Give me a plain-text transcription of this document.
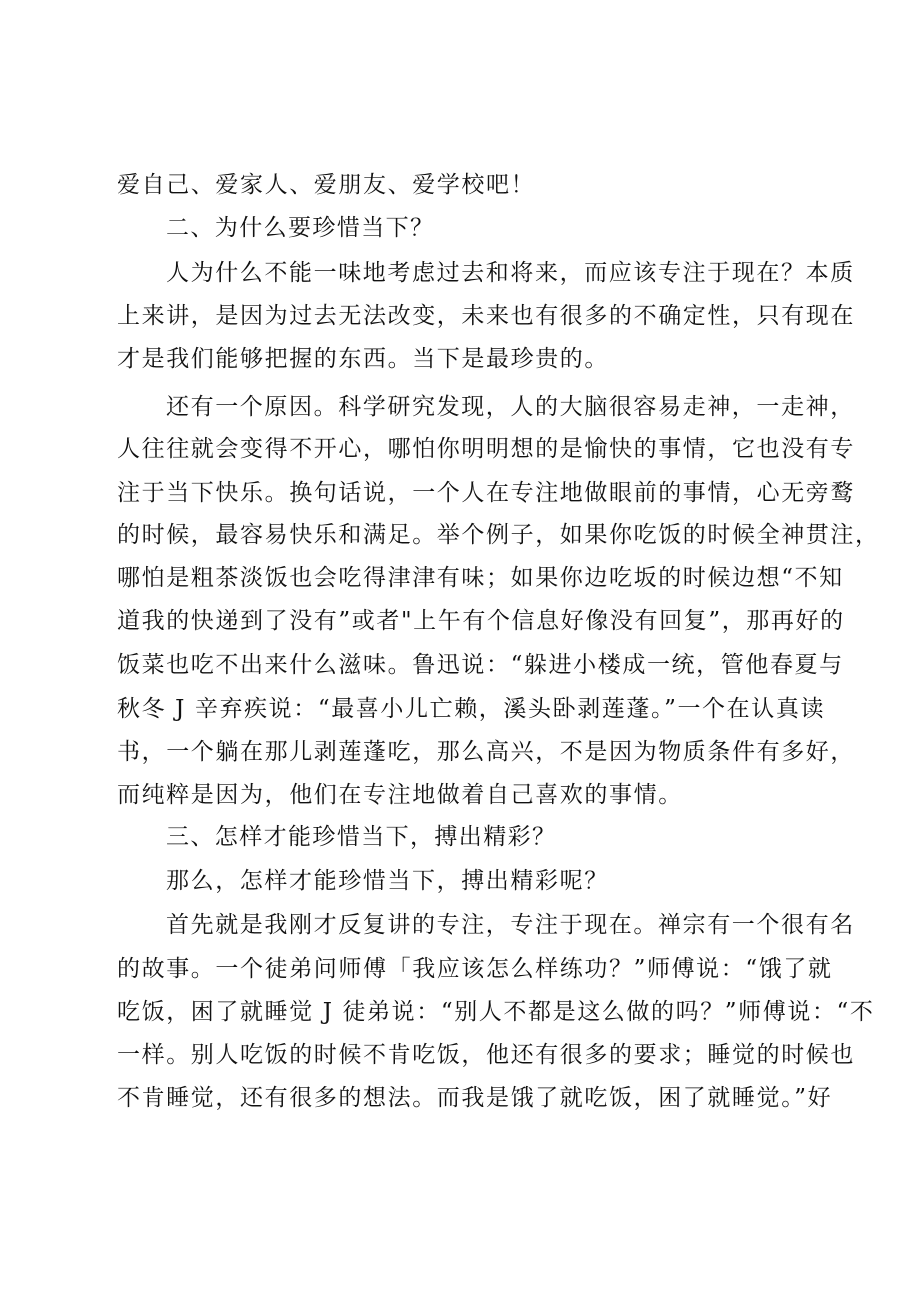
爱自己、爱家人、爱朋友、爱学校吧！
二、为什么要珍惜当下？
人为什么不能一味地考虑过去和将来，而应该专注于现在？本质
上来讲，是因为过去无法改变，未来也有很多的不确定性，只有现在
才是我们能够把握的东西。当下是最珍贵的。
还有一个原因。科学研究发现，人的大脑很容易走神，一走神，
人往往就会变得不开心，哪怕你明明想的是愉快的事情，它也没有专
注于当下快乐。换句话说，一个人在专注地做眼前的事情，心无旁鹜
的时候，最容易快乐和满足。举个例子，如果你吃饭的时候全神贯注，
哪怕是粗茶淡饭也会吃得津津有味；如果你边吃坂的时候边想“不知
道我的快递到了没有”或者"上午有个信息好像没有回复”，那再好的
饭菜也吃不出来什么滋味。鲁迅说：“躲进小楼成一统，管他春夏与
秋冬 J 辛弃疾说：“最喜小儿亡赖，溪头卧剥莲蓬。”一个在认真读
书，一个躺在那儿剥莲蓬吃，那么高兴，不是因为物质条件有多好，
而纯粹是因为，他们在专注地做着自己喜欢的事情。
三、怎样才能珍惜当下，搏出精彩？
那么，怎样才能珍惜当下，搏出精彩呢？
首先就是我刚才反复讲的专注，专注于现在。禅宗有一个很有名
的故事。一个徒弟问师傅「我应该怎么样练功？”师傅说：“饿了就
吃饭，困了就睡觉 J 徒弟说：“别人不都是这么做的吗？”师傅说：“不
一样。别人吃饭的时候不肯吃饭，他还有很多的要求；睡觉的时候也
不肯睡觉，还有很多的想法。而我是饿了就吃饭，困了就睡觉。”好
